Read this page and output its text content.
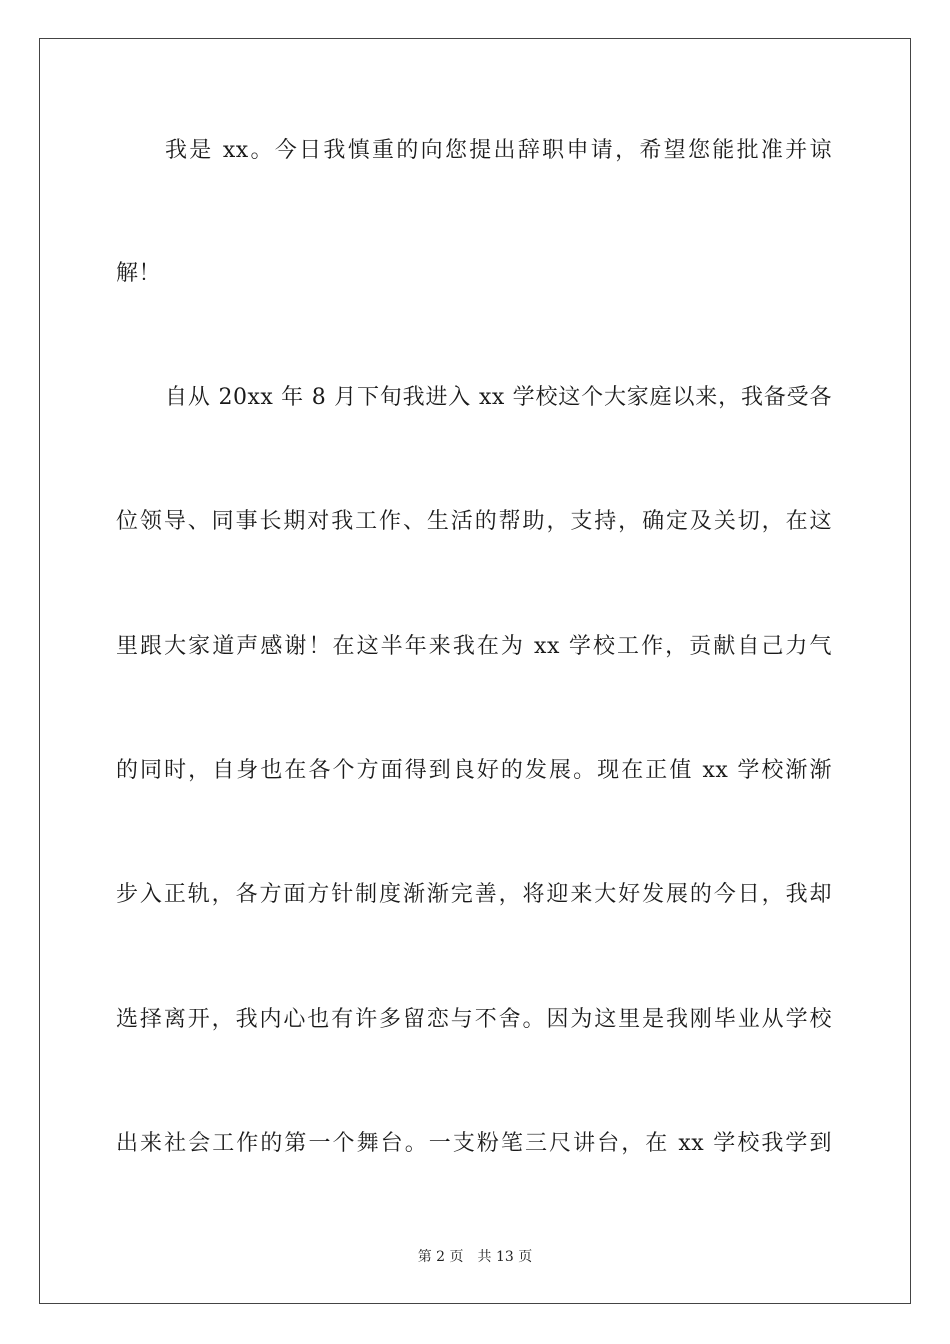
我是 xx。今日我慎重的向您提出辞职申请，希望您能批准并谅
解！
自从 20xx 年 8 月下旬我进入 xx 学校这个大家庭以来，我备受各
位领导、同事长期对我工作、生活的帮助，支持，确定及关切，在这
里跟大家道声感谢！在这半年来我在为 xx 学校工作，贡献自己力气
的同时，自身也在各个方面得到良好的发展。现在正值 xx 学校渐渐
步入正轨，各方面方针制度渐渐完善，将迎来大好发展的今日，我却
选择离开，我内心也有许多留恋与不舍。因为这里是我刚毕业从学校
出来社会工作的第一个舞台。一支粉笔三尺讲台，在 xx 学校我学到
第 2 页 共 13 页
